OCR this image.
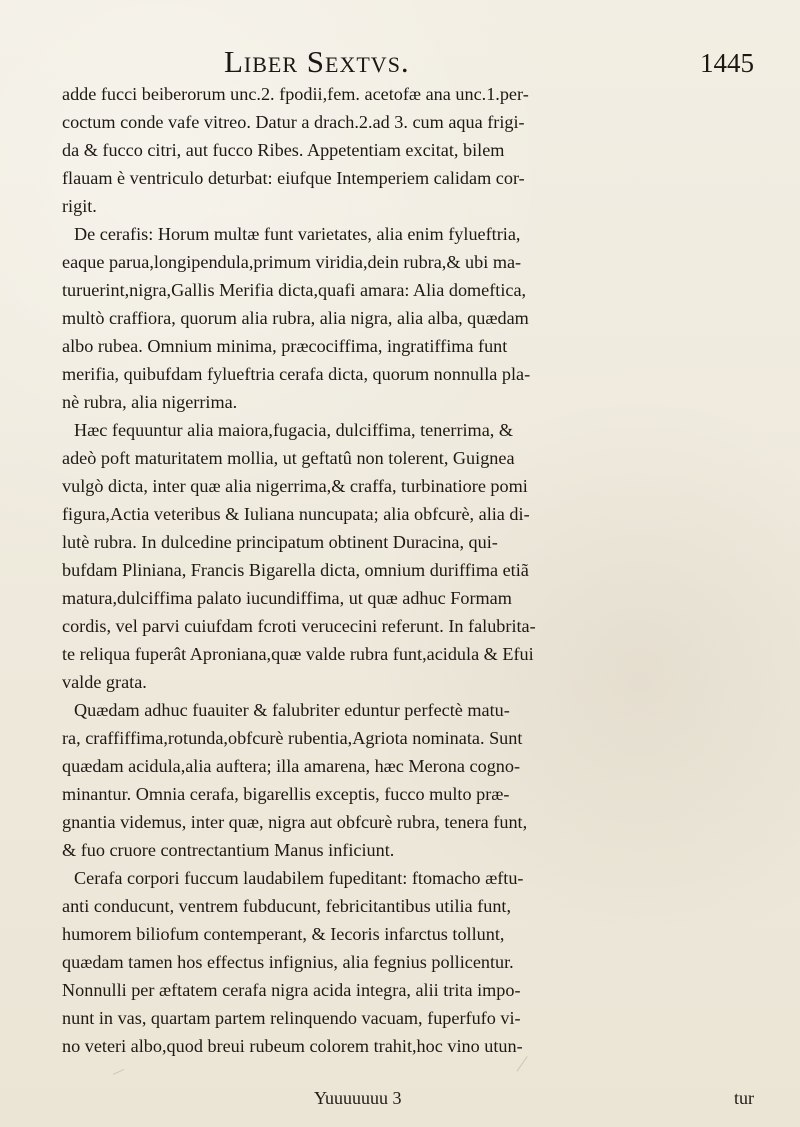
Liber Sextvs.	1445
adde fucci beiberorum unc.2. fpodii,fem. acetofæ ana unc.1.per-
coctum conde vafe vitreo. Datur a drach.2.ad 3. cum aqua frigi-
da & fucco citri, aut fucco Ribes. Appetentiam excitat, bilem
flauam è ventriculo deturbat: eiufque Intemperiem calidam cor-
rigit.
De cerafis: Horum multæ funt varietates, alia enim fylueftria,
eaque parua,longipendula,primum viridia,dein rubra,& ubi ma-
turuerint,nigra,Gallis Merifia dicta,quafi amara: Alia domeftica,
multò craffiora, quorum alia rubra, alia nigra, alia alba, quædam
albo rubea. Omnium minima, præcociffima, ingratiffima funt
merifia, quibufdam fylueftria cerafa dicta, quorum nonnulla pla-
nè rubra, alia nigerrima.
Hæc fequuntur alia maiora,fugacia, dulciffima, tenerrima, &
adeò poft maturitatem mollia, ut geftatû non tolerent, Guignea
vulgò dicta, inter quæ alia nigerrima,& craffa, turbinatiore pomi
figura,Actia veteribus & Iuliana nuncupata; alia obfcurè, alia di-
lutè rubra. In dulcedine principatum obtinent Duracina, qui-
bufdam Pliniana, Francis Bigarella dicta, omnium duriffima etiã
matura,dulciffima palato iucundiffima, ut quæ adhuc Formam
cordis, vel parvi cuiufdam fcroti verucecini referunt. In falubrita-
te reliqua fuperât Aproniana,quæ valde rubra funt,acidula & Efui
valde grata.
Quædam adhuc fuauiter & falubriter eduntur perfectè matu-
ra, craffiffima,rotunda,obfcurè rubentia,Agriota nominata. Sunt
quædam acidula,alia auftera; illa amarena, hæc Merona cogno-
minantur. Omnia cerafa, bigarellis exceptis, fucco multo præ-
gnantia videmus, inter quæ, nigra aut obfcurè rubra, tenera funt,
& fuo cruore contrectantium Manus inficiunt.
Cerafa corpori fuccum laudabilem fupeditant: ftomacho æftu-
anti conducunt, ventrem fubducunt, febricitantibus utilia funt,
humorem biliofum contemperant, & Iecoris infarctus tollunt,
quædam tamen hos effectus infignius, alia fegnius pollicentur.
Nonnulli per æftatem cerafa nigra acida integra, alii trita impo-
nunt in vas, quartam partem relinquendo vacuam, fuperfufo vi-
no veteri albo,quod breui rubeum colorem trahit,hoc vino utun-
Yuuuuuuu 3	tur
